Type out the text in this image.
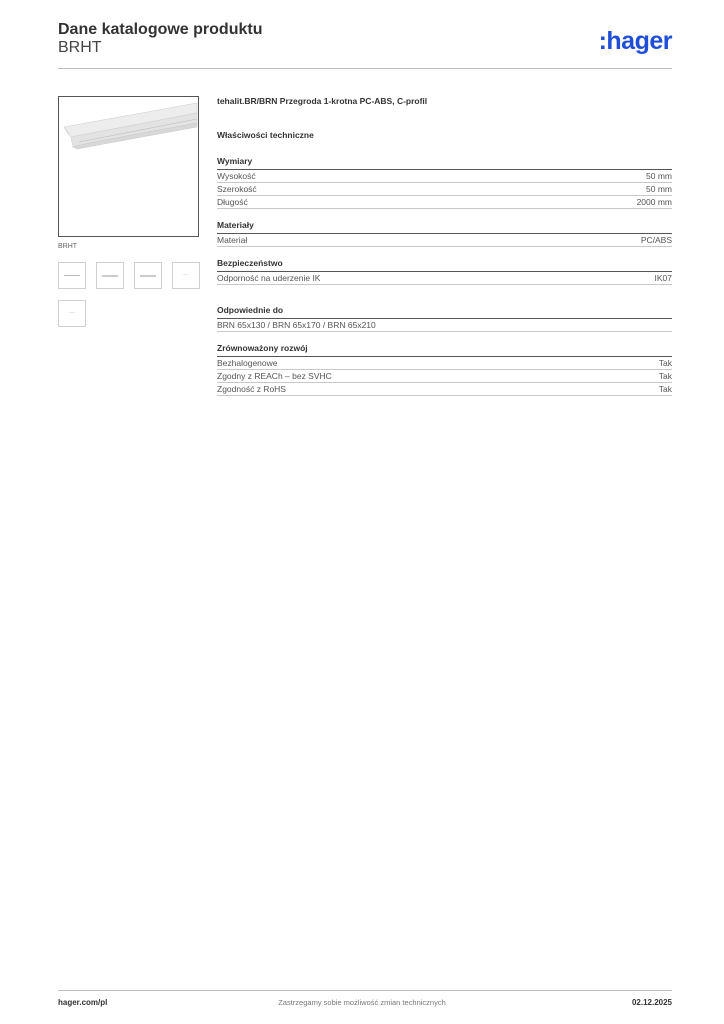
Dane katalogowe produktu
BRHT	:hager
BRHT
···
···
tehalit.BR/BRN Przegroda 1-krotna PC-ABS, C-profil
Właściwości techniczne
Wymiary
Wysokość	50 mm
Szerokość	50 mm
Długość	2000 mm
Materiały
Materiał	PC/ABS
Bezpieczeństwo
Odporność na uderzenie IK	IK07
Odpowiednie do
BRN 65x130 / BRN 65x170 / BRN 65x210
Zrównoważony rozwój
Bezhalogenowe	Tak
Zgodny z REACh – bez SVHC	Tak
Zgodność z RoHS	Tak
hager.com/pl	Zastrzegamy sobie możliwość zmian technicznych	02.12.2025
